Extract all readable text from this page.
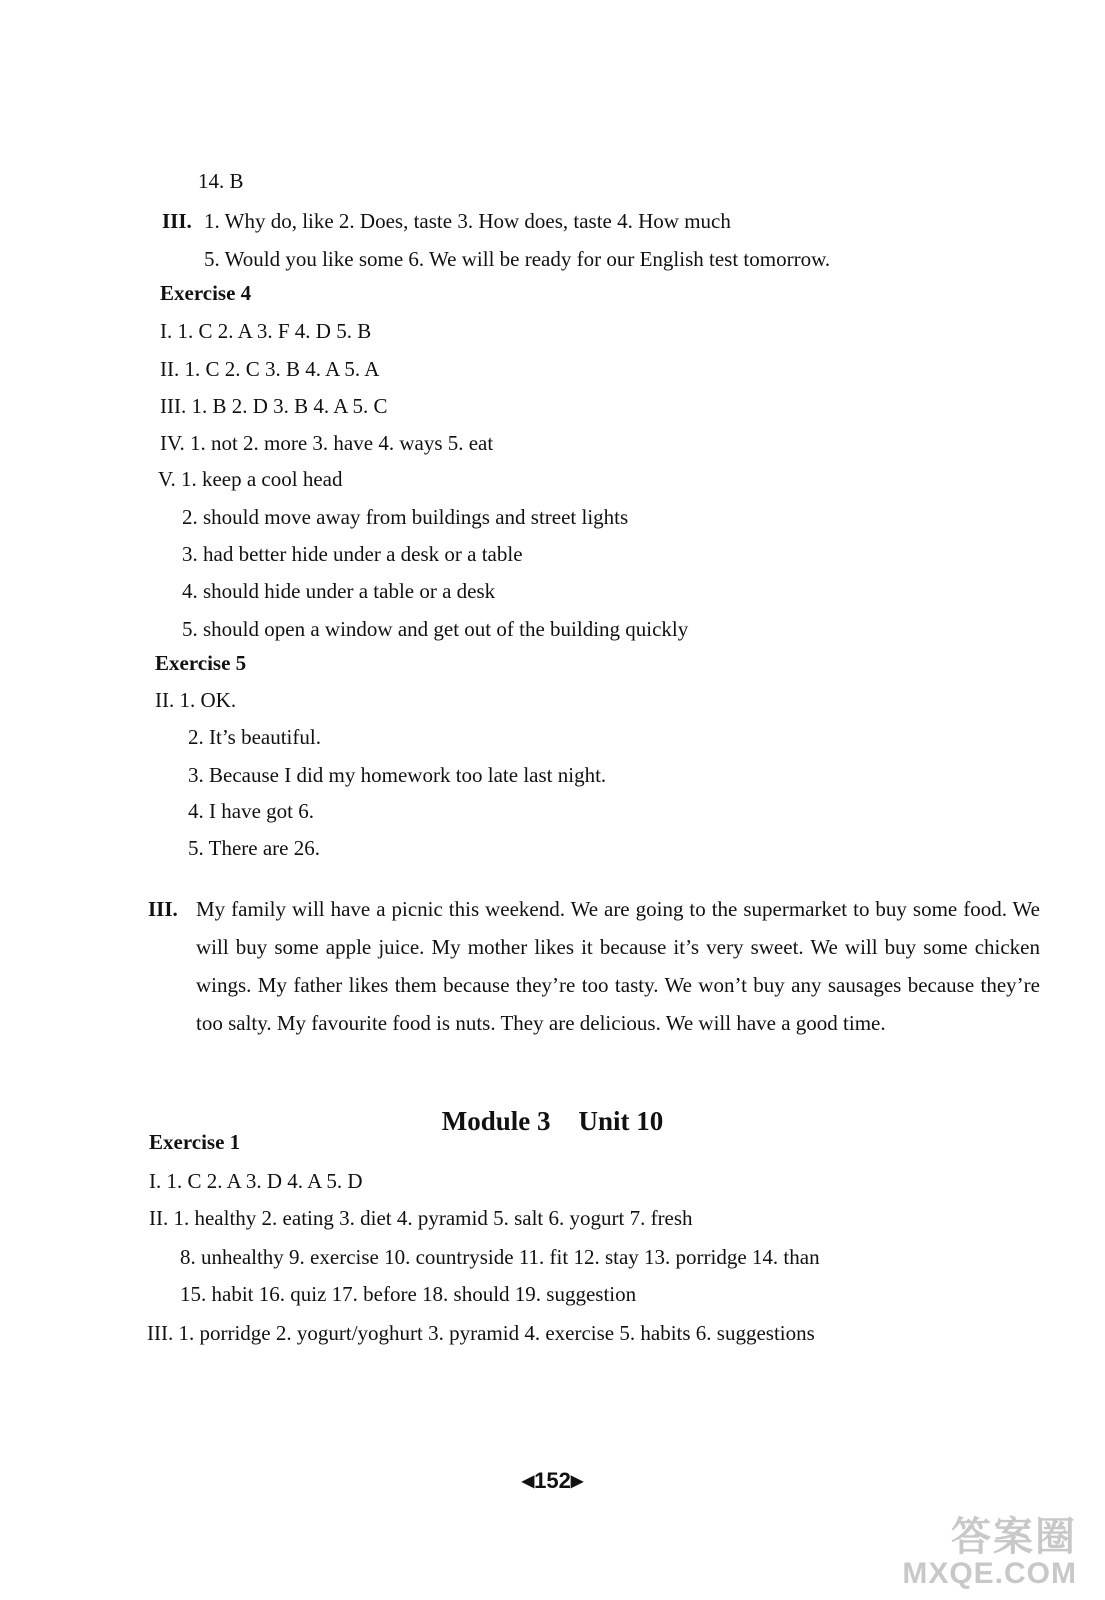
14. B
III. 1. Why do, like 2. Does, taste 3. How does, taste 4. How much
5. Would you like some 6. We will be ready for our English test tomorrow.
Exercise 4
I. 1. C 2. A 3. F 4. D 5. B
II. 1. C 2. C 3. B 4. A 5. A
III. 1. B 2. D 3. B 4. A 5. C
IV. 1. not 2. more 3. have 4. ways 5. eat
V. 1. keep a cool head
2. should move away from buildings and street lights
3. had better hide under a desk or a table
4. should hide under a table or a desk
5. should open a window and get out of the building quickly
Exercise 5
II. 1. OK.
2. It’s beautiful.
3. Because I did my homework too late last night.
4. I have got 6.
5. There are 26.
III. My family will have a picnic this weekend. We are going to the supermarket to buy some food. We will buy some apple juice. My mother likes it because it’s very sweet. We will buy some chicken wings. My father likes them because they’re too tasty. We won’t buy any sausages because they’re too salty. My favourite food is nuts. They are delicious. We will have a good time.
Module 3 Unit 10
Exercise 1
I. 1. C 2. A 3. D 4. A 5. D
II. 1. healthy 2. eating 3. diet 4. pyramid 5. salt 6. yogurt 7. fresh
8. unhealthy 9. exercise 10. countryside 11. fit 12. stay 13. porridge 14. than
15. habit 16. quiz 17. before 18. should 19. suggestion
III. 1. porridge 2. yogurt/yoghurt 3. pyramid 4. exercise 5. habits 6. suggestions
◀152▶
答案圈
MXQE.COM
